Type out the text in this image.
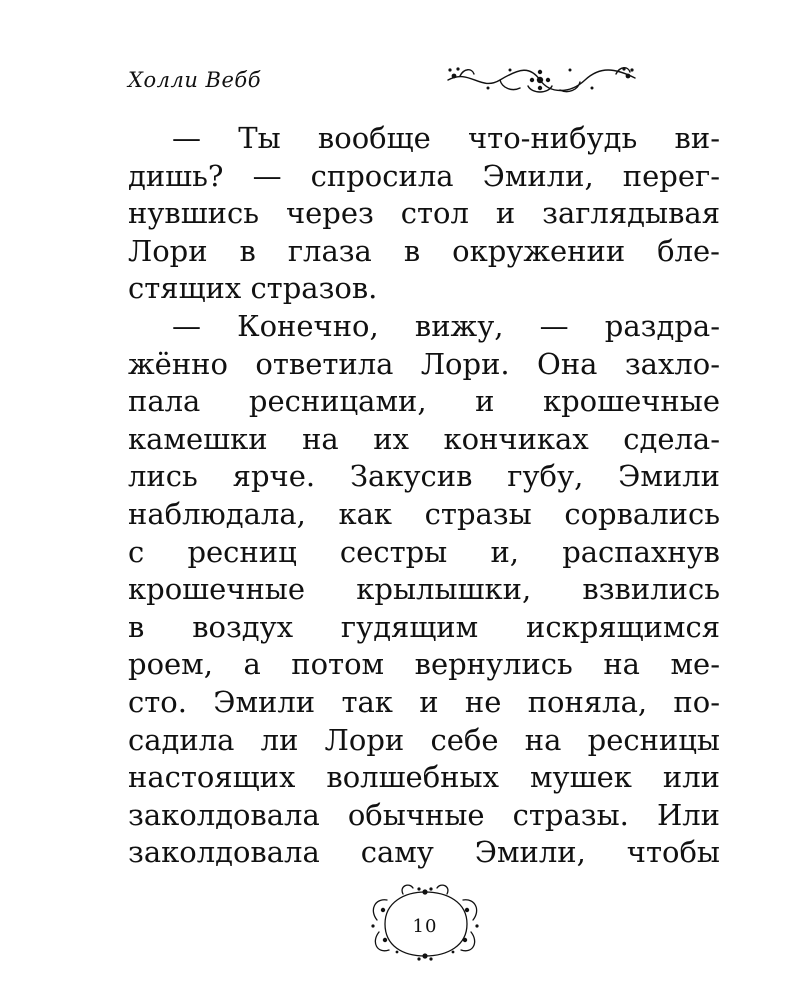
Холли Вебб
— Ты вообще что-нибудь ви-
дишь? — спросила Эмили, перег-
нувшись через стол и заглядывая
Лори в глаза в окружении бле-
стящих стразов.
— Конечно, вижу, — раздра-
жённо ответила Лори. Она захло-
пала ресницами, и крошечные
камешки на их кончиках сдела-
лись ярче. Закусив губу, Эмили
наблюдала, как стразы сорвались
с ресниц сестры и, распахнув
крошечные крылышки, взвились
в воздух гудящим искрящимся
роем, а потом вернулись на ме-
сто. Эмили так и не поняла, по-
садила ли Лори себе на ресницы
настоящих волшебных мушек или
заколдовала обычные стразы. Или
заколдовала саму Эмили, чтобы
10
